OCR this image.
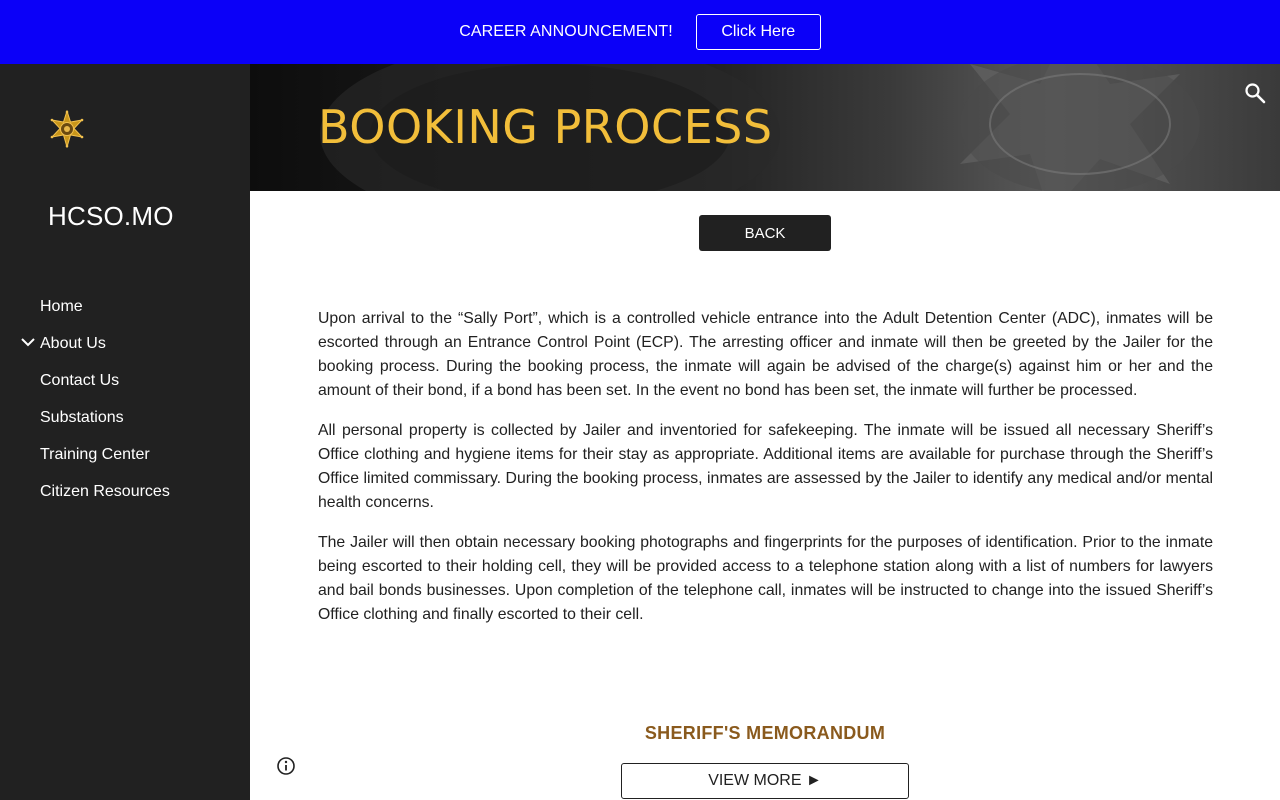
CAREER ANNOUNCEMENT!	Click Here
HCSO.MO
Home
About Us
Contact Us
Substations
Training Center
Citizen Resources
BOOKING PROCESS
BACK

Upon arrival to the “Sally Port”, which is a controlled vehicle entrance into the Adult Detention Center (ADC), inmates will be escorted through an Entrance Control Point (ECP). The arresting officer and inmate will then be greeted by the Jailer for the booking process. During the booking process, the inmate will again be advised of the charge(s) against him or her and the amount of their bond, if a bond has been set. In the event no bond has been set, the inmate will further be processed.

All personal property is collected by Jailer and inventoried for safekeeping. The inmate will be issued all necessary Sheriff’s Office clothing and hygiene items for their stay as appropriate. Additional items are available for purchase through the Sheriff’s Office limited commissary. During the booking process, inmates are assessed by the Jailer to identify any medical and/or mental health concerns.

The Jailer will then obtain necessary booking photographs and fingerprints for the purposes of identification. Prior to the inmate being escorted to their holding cell, they will be provided access to a telephone station along with a list of numbers for lawyers and bail bonds businesses. Upon completion of the telephone call, inmates will be instructed to change into the issued Sheriff’s Office clothing and finally escorted to their cell.

SHERIFF'S MEMORANDUM
VIEW MORE ►
